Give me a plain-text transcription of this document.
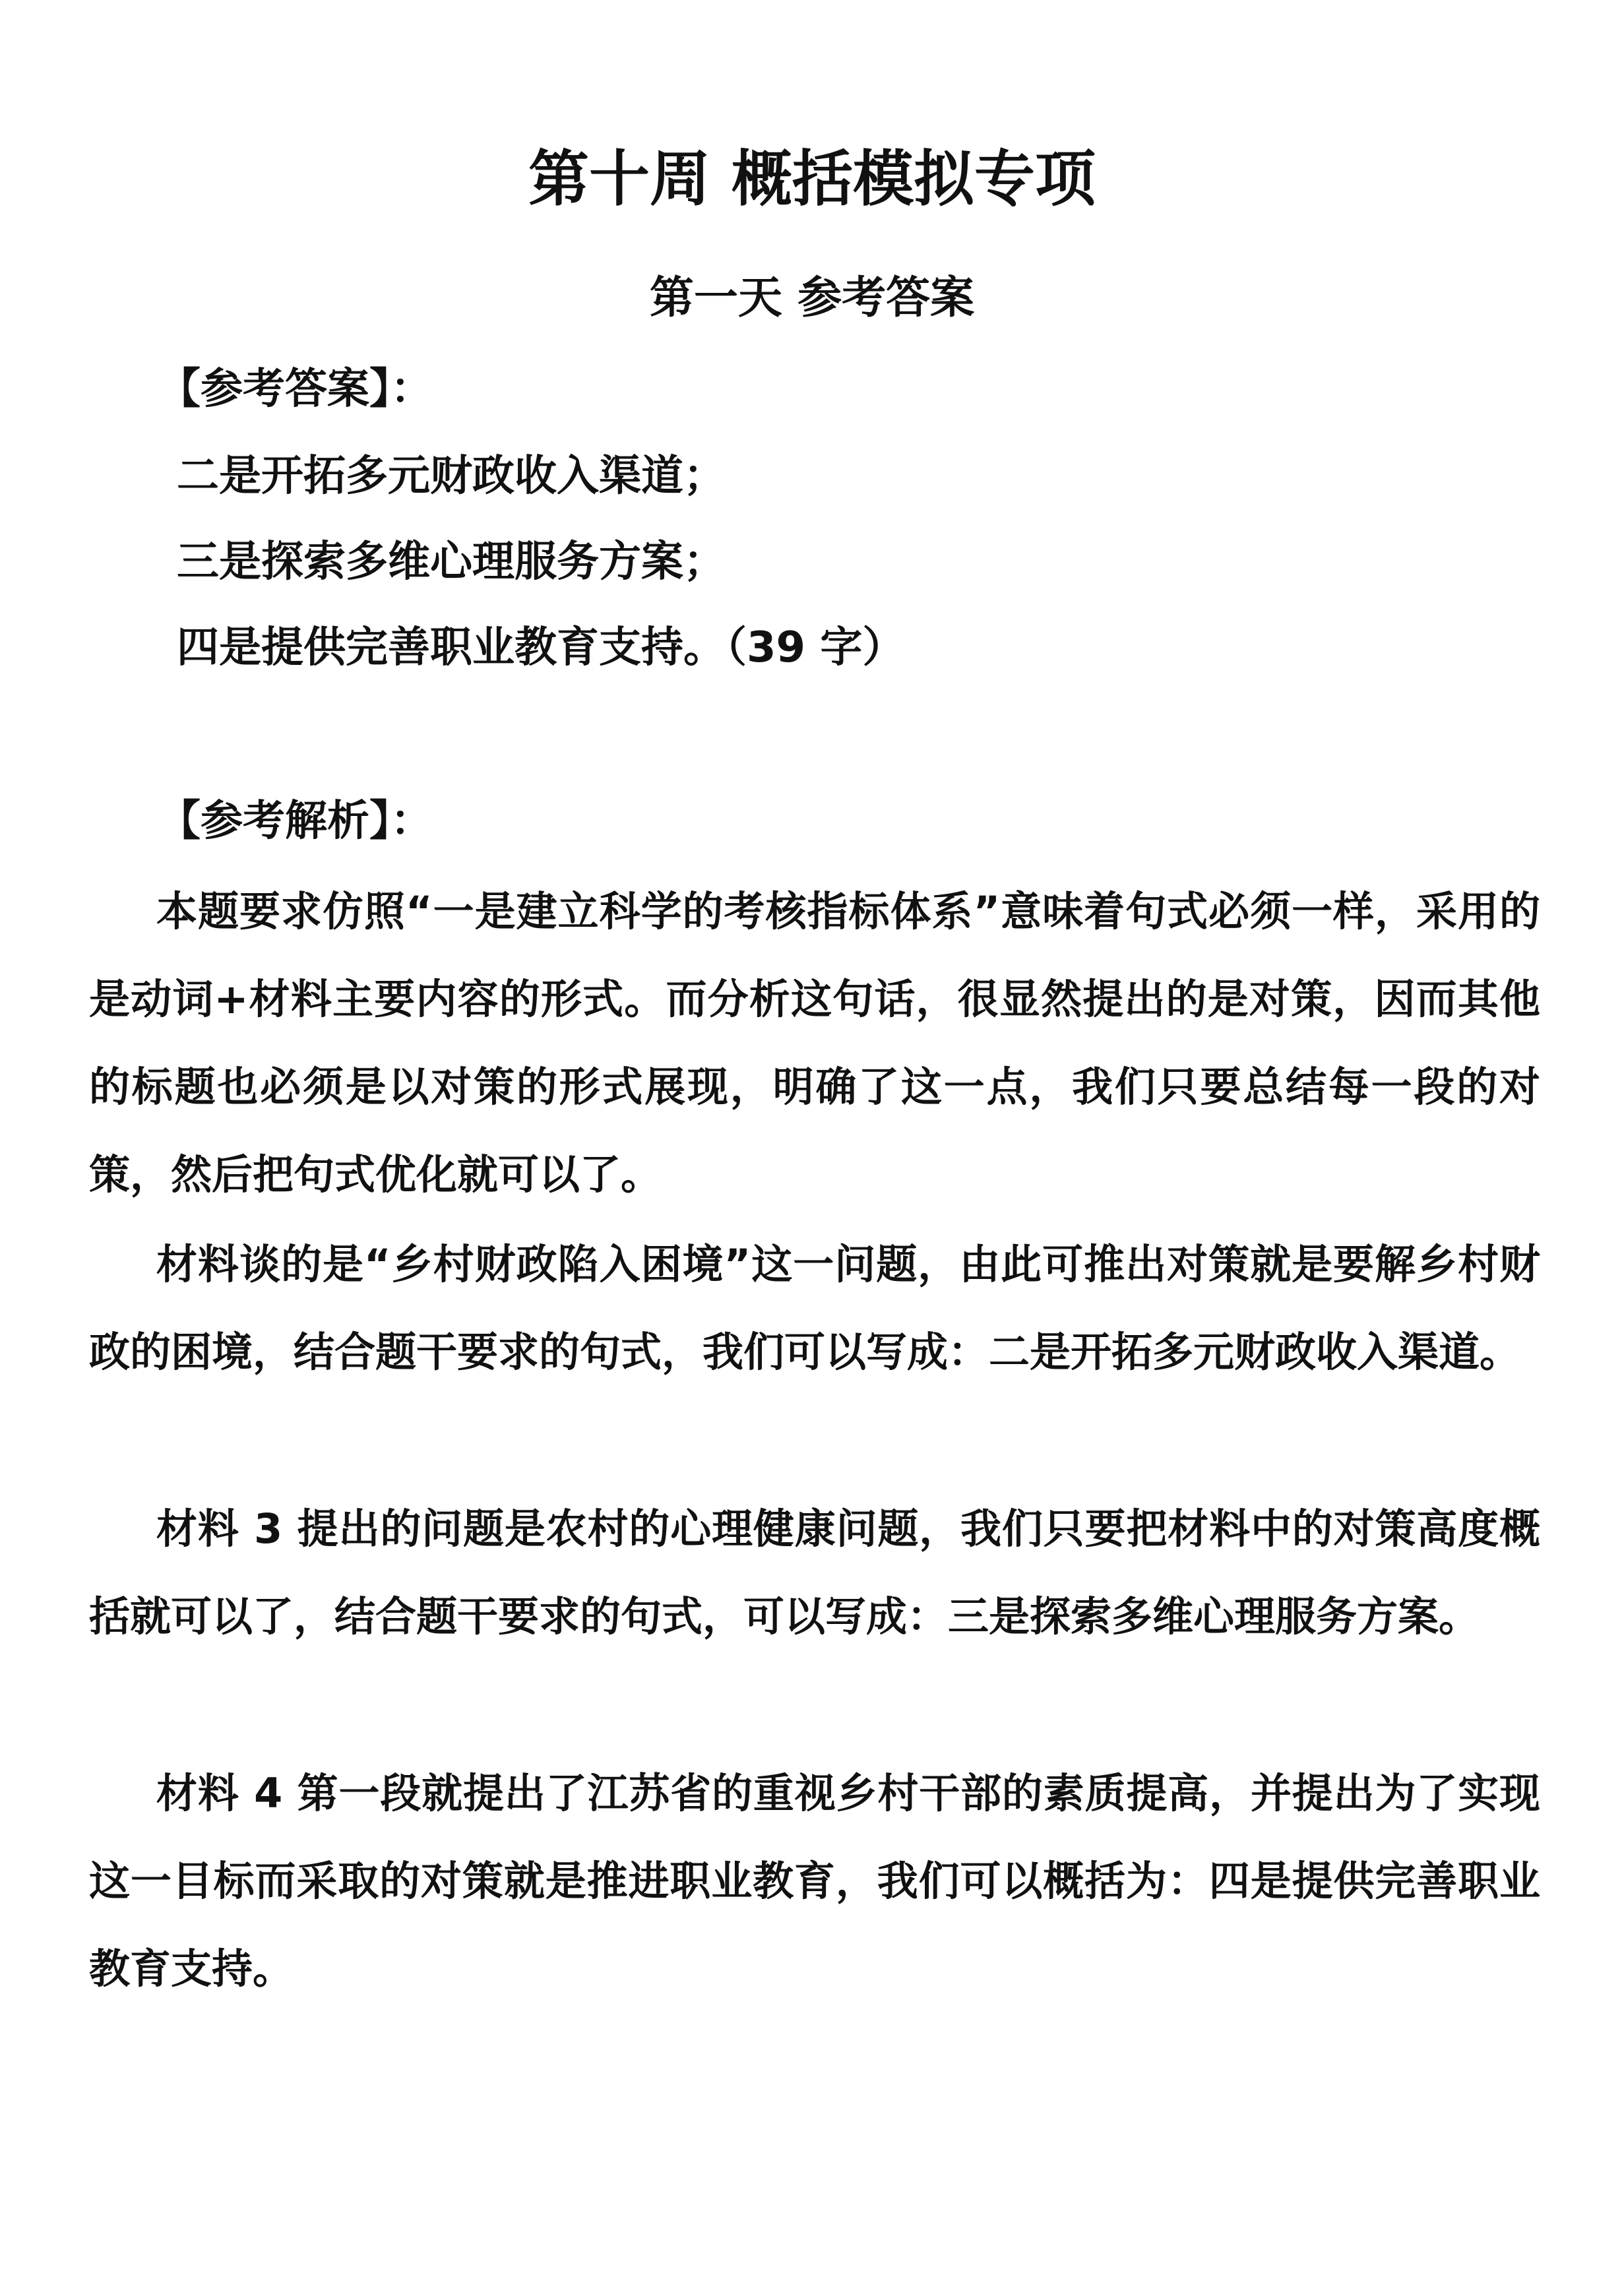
第十周 概括模拟专项
第一天 参考答案
【参考答案】：
二是开拓多元财政收入渠道；
三是探索多维心理服务方案；
四是提供完善职业教育支持。（39 字）
【参考解析】：

本题要求仿照“一是建立科学的考核指标体系”意味着句式必须一样，采用的是动词+材料主要内容的形式。而分析这句话，很显然提出的是对策，因而其他的标题也必须是以对策的形式展现，明确了这一点，我们只要总结每一段的对策，然后把句式优化就可以了。

材料谈的是“乡村财政陷入困境”这一问题，由此可推出对策就是要解乡村财政的困境，结合题干要求的句式，我们可以写成：二是开拓多元财政收入渠道。

材料 3 提出的问题是农村的心理健康问题，我们只要把材料中的对策高度概括就可以了，结合题干要求的句式，可以写成：三是探索多维心理服务方案。

材料 4 第一段就提出了江苏省的重视乡村干部的素质提高，并提出为了实现这一目标而采取的对策就是推进职业教育，我们可以概括为：四是提供完善职业教育支持。
